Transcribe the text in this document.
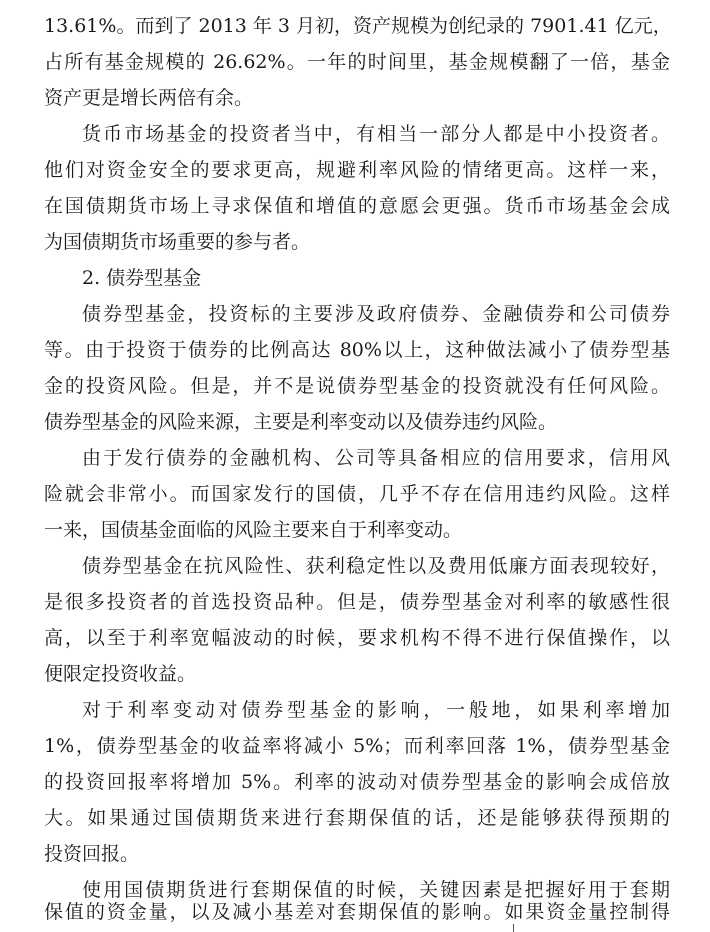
13.61%。而到了 2013 年 3 月初，资产规模为创纪录的 7901.41 亿元，
占所有基金规模的 26.62%。一年的时间里，基金规模翻了一倍，基金
资产更是增长两倍有余。
货币市场基金的投资者当中，有相当一部分人都是中小投资者。
他们对资金安全的要求更高，规避利率风险的情绪更高。这样一来，
在国债期货市场上寻求保值和增值的意愿会更强。货币市场基金会成
为国债期货市场重要的参与者。
2. 债券型基金
债券型基金，投资标的主要涉及政府债券、金融债券和公司债券
等。由于投资于债券的比例高达 80%以上，这种做法减小了债券型基
金的投资风险。但是，并不是说债券型基金的投资就没有任何风险。
债券型基金的风险来源，主要是利率变动以及债券违约风险。
由于发行债券的金融机构、公司等具备相应的信用要求，信用风
险就会非常小。而国家发行的国债，几乎不存在信用违约风险。这样
一来，国债基金面临的风险主要来自于利率变动。
债券型基金在抗风险性、获利稳定性以及费用低廉方面表现较好，
是很多投资者的首选投资品种。但是，债券型基金对利率的敏感性很
高，以至于利率宽幅波动的时候，要求机构不得不进行保值操作，以
便限定投资收益。
对于利率变动对债券型基金的影响，一般地，如果利率增加
1%，债券型基金的收益率将减小 5%；而利率回落 1%，债券型基金
的投资回报率将增加 5%。利率的波动对债券型基金的影响会成倍放
大。如果通过国债期货来进行套期保值的话，还是能够获得预期的
投资回报。
使用国债期货进行套期保值的时候，关键因素是把握好用于套期
保值的资金量，以及减小基差对套期保值的影响。如果资金量控制得
